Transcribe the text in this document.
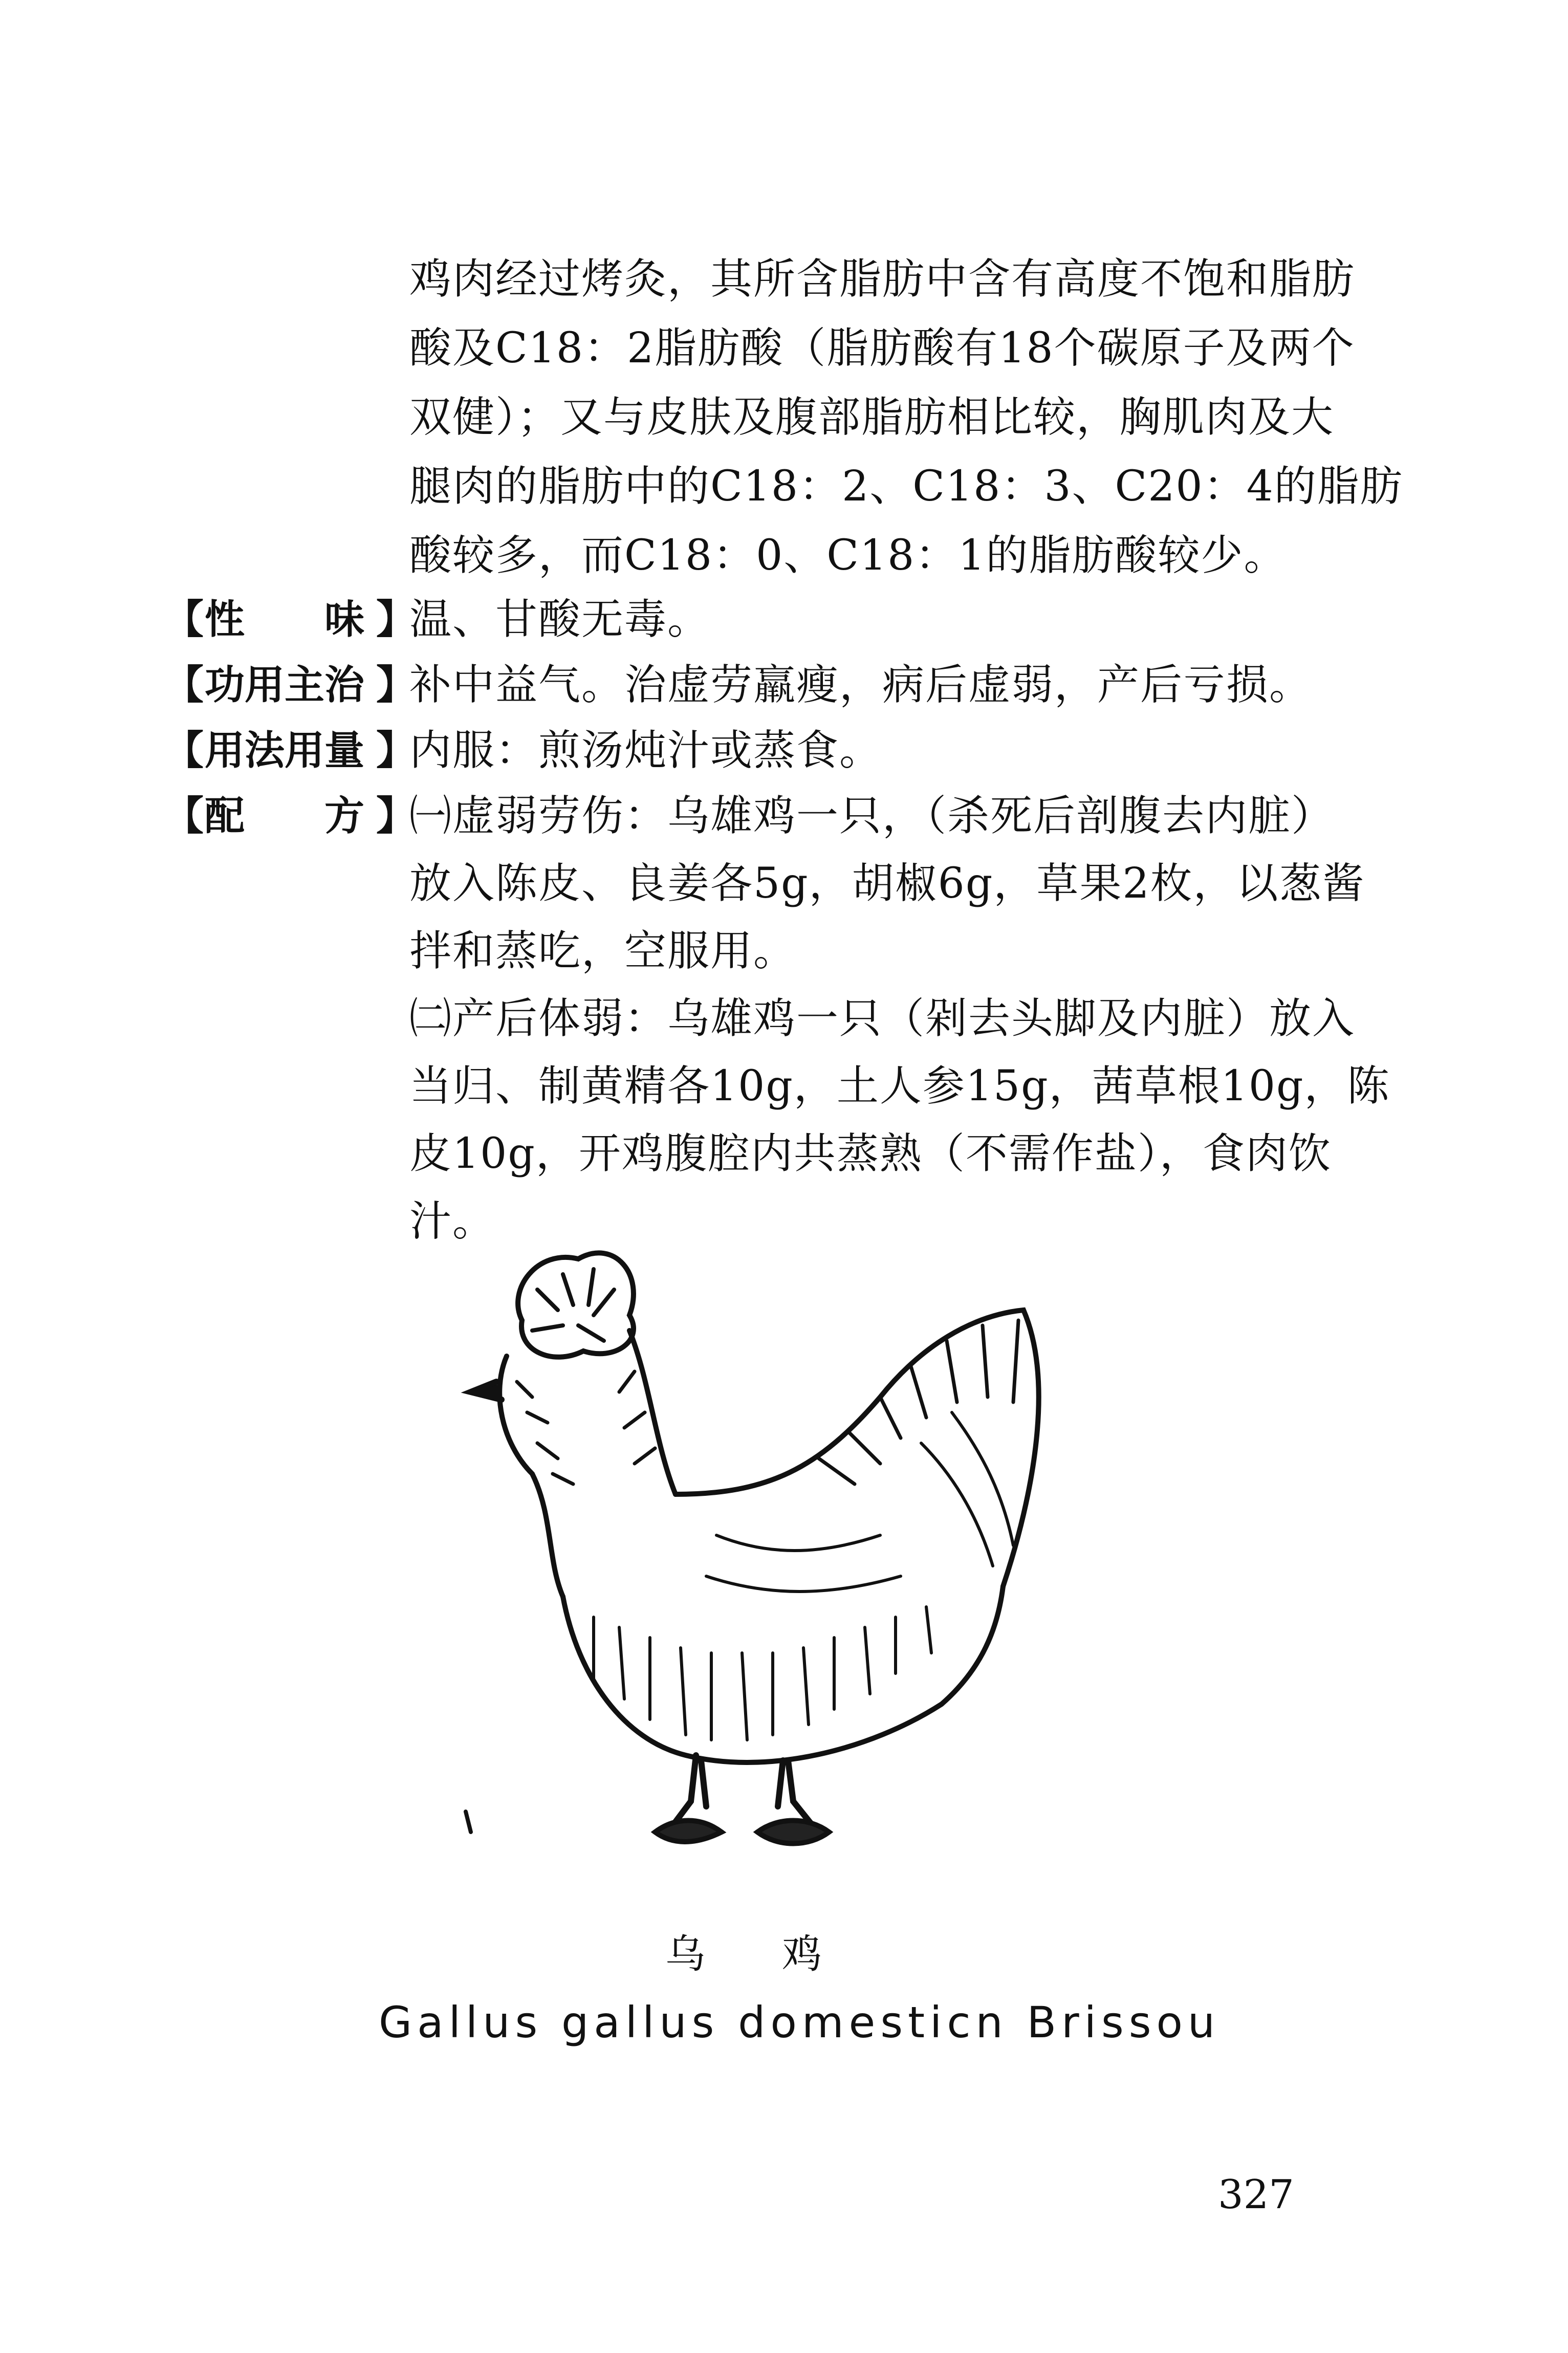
鸡肉经过烤灸，其所含脂肪中含有高度不饱和脂肪
酸及C18：2脂肪酸（脂肪酸有18个碳原子及两个
双健）；又与皮肤及腹部脂肪相比较，胸肌肉及大
腿肉的脂肪中的C18：2、C18：3、C20：4的脂肪
酸较多，而C18：0、C18：1的脂肪酸较少。
【 性　　味 】
温、甘酸无毒。
【 功用主治 】
补中益气。治虚劳羸瘦，病后虚弱，产后亏损。
【 用法用量 】
内服：煎汤炖汁或蒸食。
【 配　　方 】
㈠虚弱劳伤：乌雄鸡一只，（杀死后剖腹去内脏）
放入陈皮、良姜各5g，胡椒6g，草果2枚，以葱酱
拌和蒸吃，空服用。
㈡产后体弱：乌雄鸡一只（剁去头脚及内脏）放入
当归、制黄精各10g，土人参15g，茜草根10g，陈
皮10g，开鸡腹腔内共蒸熟（不需作盐），食肉饮
汁。
乌鸡
Gallus gallus domesticn Brissou
327
